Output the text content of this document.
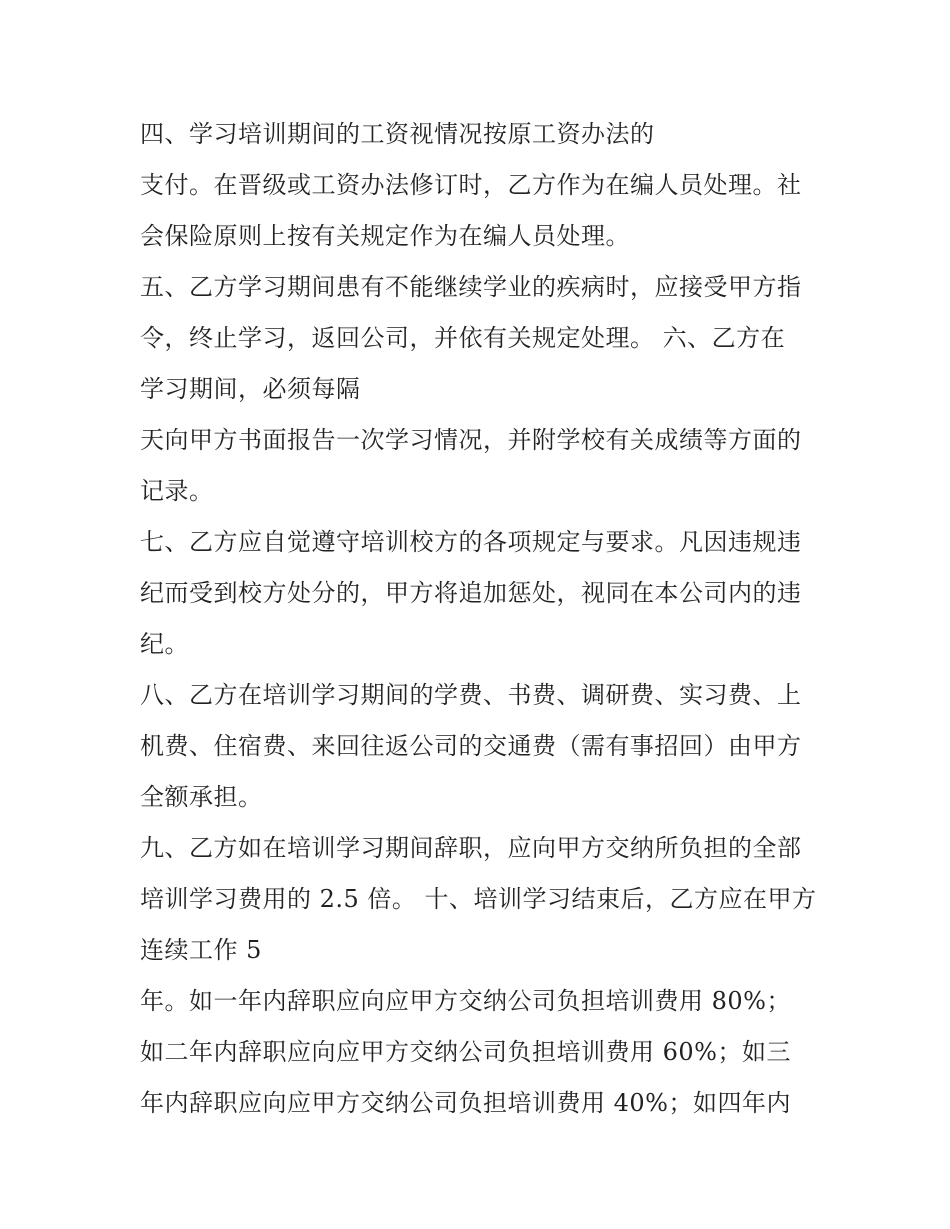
四、学习培训期间的工资视情况按原工资办法的
支付。在晋级或工资办法修订时，乙方作为在编人员处理。社
会保险原则上按有关规定作为在编人员处理。
五、乙方学习期间患有不能继续学业的疾病时，应接受甲方指
令，终止学习，返回公司，并依有关规定处理。 六、乙方在
学习期间，必须每隔
天向甲方书面报告一次学习情况，并附学校有关成绩等方面的
记录。
七、乙方应自觉遵守培训校方的各项规定与要求。凡因违规违
纪而受到校方处分的，甲方将追加惩处，视同在本公司内的违
纪。
八、乙方在培训学习期间的学费、书费、调研费、实习费、上
机费、住宿费、来回往返公司的交通费（需有事招回）由甲方
全额承担。
九、乙方如在培训学习期间辞职，应向甲方交纳所负担的全部
培训学习费用的 2.5 倍。 十、培训学习结束后，乙方应在甲方
连续工作 5
年。如一年内辞职应向应甲方交纳公司负担培训费用 80%；
如二年内辞职应向应甲方交纳公司负担培训费用 60%；如三
年内辞职应向应甲方交纳公司负担培训费用 40%；如四年内
